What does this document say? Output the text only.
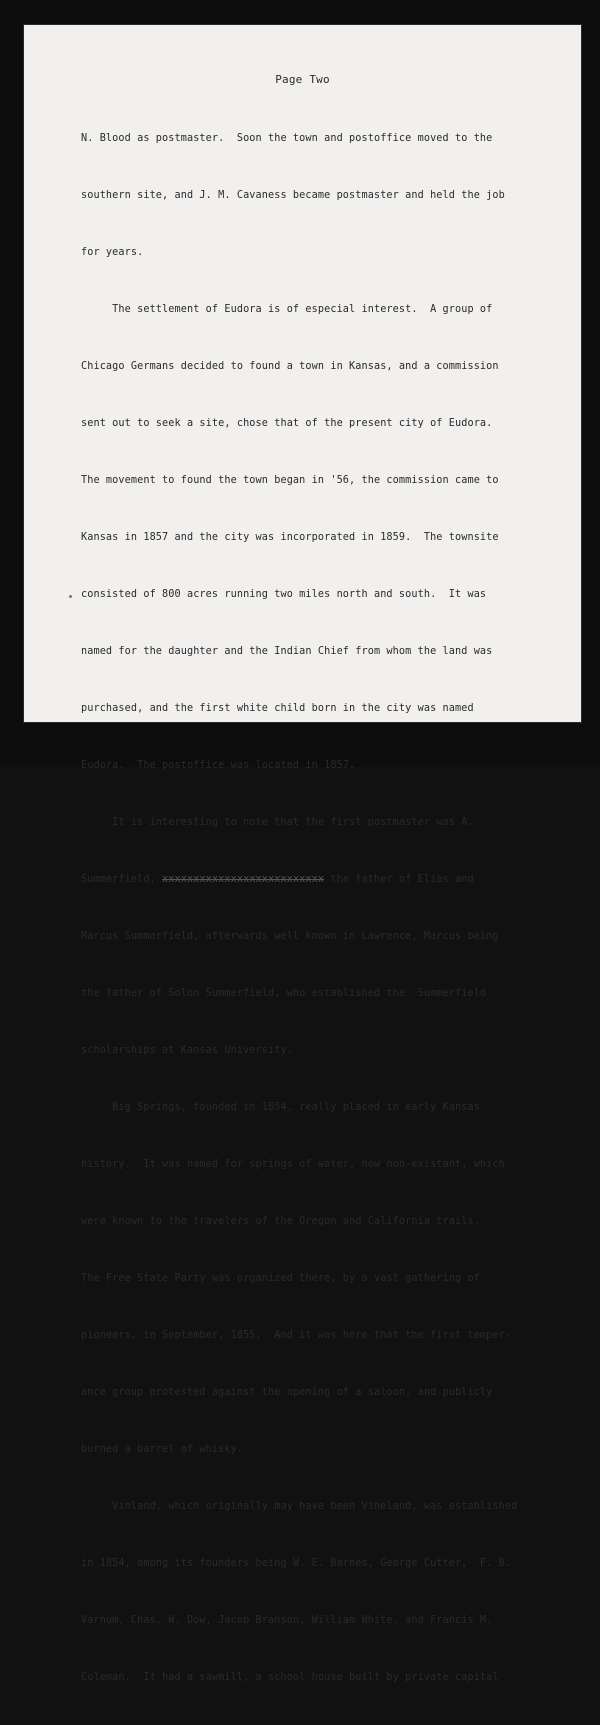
Page Two

N. Blood as postmaster.  Soon the town and postoffice moved to the

southern site, and J. M. Cavaness became postmaster and held the job

for years.

The settlement of Eudora is of especial interest.  A group of

Chicago Germans decided to found a town in Kansas, and a commission

sent out to seek a site, chose that of the present city of Eudora.

The movement to found the town began in '56, the commission came to

Kansas in 1857 and the city was incorporated in 1859.  The townsite

consisted of 800 acres running two miles north and south.  It was

named for the daughter and the Indian Chief from whom the land was

purchased, and the first white child born in the city was named

Eudora.  The postoffice was located in 1857.

It is interesting to note that the first postmaster was A.

Summerfield, xxxxxxxxxxxxxxxxxxxxxxxxxx the father of Elias and

Marcus Summerfield, afterwards well known in Lawrence, Marcus being

the father of Solon Summerfield, who established the  Summerfield

scholarships at Kansas University.

Big Springs, founded in 1854, really placed in early Kansas

history.  It was named for springs of water, now non-existant, which

were known to the travelers of the Oregon and California trails.

The Free State Party was organized there, by a vast gathering of

pioneers, in September, 1855.  And it was here that the first temper-

ance group protested against the opening of a saloon, and publicly

burned a barrel of whisky.

Vinland, which originally may have been Vineland, was established

in 1854, among its founders being W. E. Barnes, George Cutter,  F. B.

Varnum, Chas. W. Dow, Jacob Branson, William White, and Francis M.

Coleman.  It had a sawmill, a school house built by private capital
